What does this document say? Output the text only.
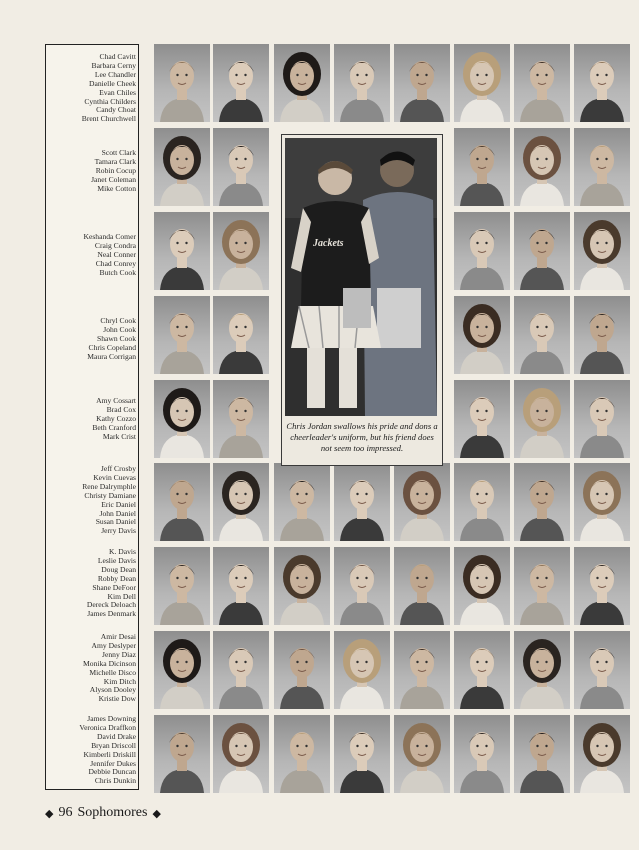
Chad Cavitt
Barbara Cerny
Lee Chandler
Danielle Cheek
Evan Chiles
Cynthia Childers
Candy Choat
Brent Churchwell
Scott Clark
Tamara Clark
Robin Cocup
Janet Coleman
Mike Cotton
Keshanda Comer
Craig Condra
Neal Conner
Chad Conrey
Butch Cook
Chryl Cook
John Cook
Shawn Cook
Chris Copeland
Maura Corrigan
Amy Cossart
Brad Cox
Kathy Cozzo
Beth Cranford
Mark Crist
Jeff Crosby
Kevin Cuevas
Rene Dalrymphle
Christy Damiane
Eric Daniel
John Daniel
Susan Daniel
Jerry Davis
K. Davis
Leslie Davis
Doug Dean
Robby Dean
Shane DeFoor
Kim Dell
Dereck Deloach
James Denmark
Amir Desai
Amy Deslyper
Jenny Diaz
Monika Dicinson
Michelle Disco
Kim Ditch
Alyson Dooley
Kristie Dow
James Downing
Veronica Draffkon
David Drake
Bryan Driscoll
Kimberli Driskill
Jennifer Dukes
Debbie Duncan
Chris Dunkin
Jackets
Chris Jordan swallows his pride and dons a cheerleader's uniform, but his friend does not seem too impressed.
◆ 96 Sophomores ◆
